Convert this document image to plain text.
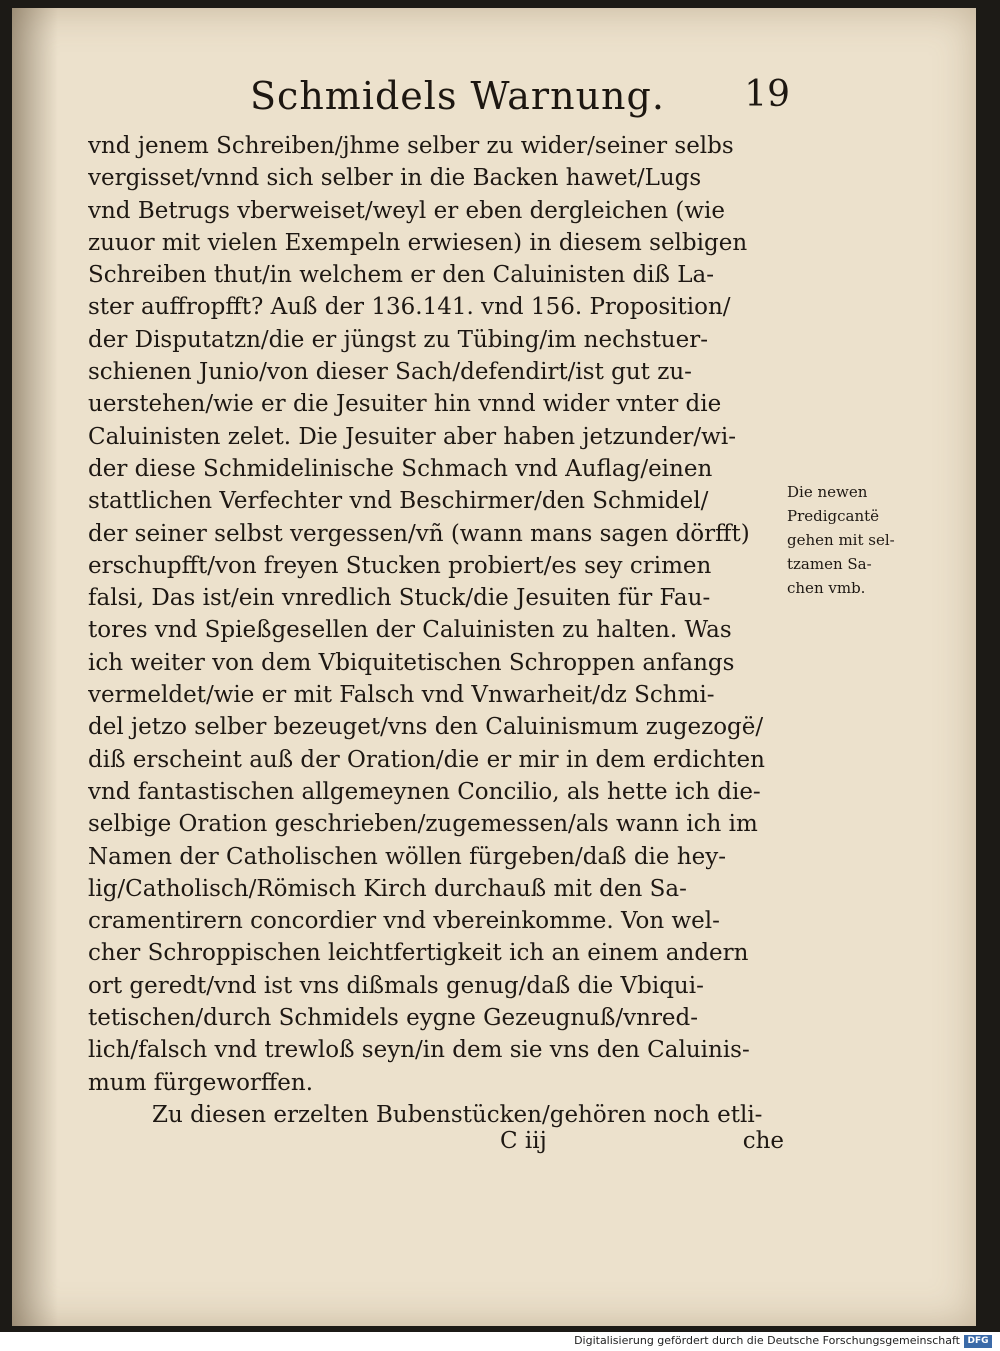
Schmidels Warnung. 19
vnd jenem Schreiben/jhme selber zu wider/seiner selbs
vergisset/vnnd sich selber in die Backen hawet/Lugs
vnd Betrugs vberweiset/weyl er eben dergleichen (wie
zuuor mit vielen Exempeln erwiesen) in diesem selbigen
Schreiben thut/in welchem er den Caluinisten diß La-
ster auffropfft? Auß der 136.141. vnd 156. Proposition/
der Disputatzn/die er jüngst zu Tübing/im nechstuer-
schienen Junio/von dieser Sach/defendirt/ist gut zu-
uerstehen/wie er die Jesuiter hin vnnd wider vnter die
Caluinisten zelet. Die Jesuiter aber haben jetzunder/wi-
der diese Schmidelinische Schmach vnd Auflag/einen
stattlichen Verfechter vnd Beschirmer/den Schmidel/
der seiner selbst vergessen/vñ (wann mans sagen dörfft)
erschupfft/von freyen Stucken probiert/es sey crimen
falsi, Das ist/ein vnredlich Stuck/die Jesuiten für Fau-
tores vnd Spießgesellen der Caluinisten zu halten. Was
ich weiter von dem Vbiquitetischen Schroppen anfangs
vermeldet/wie er mit Falsch vnd Vnwarheit/dz Schmi-
del jetzo selber bezeuget/vns den Caluinismum zugezogë/
diß erscheint auß der Oration/die er mir in dem erdichten
vnd fantastischen allgemeynen Concilio, als hette ich die-
selbige Oration geschrieben/zugemessen/als wann ich im
Namen der Catholischen wöllen fürgeben/daß die hey-
lig/Catholisch/Römisch Kirch durchauß mit den Sa-
cramentirern concordier vnd vbereinkomme. Von wel-
cher Schroppischen leichtfertigkeit ich an einem andern
ort geredt/vnd ist vns dißmals genug/daß die Vbiqui-
tetischen/durch Schmidels eygne Gezeugnuß/vnred-
lich/falsch vnd trewloß seyn/in dem sie vns den Caluinis-
mum fürgeworffen.
Zu diesen erzelten Bubenstücken/gehören noch etli-
Die newen
Predigcantë
gehen mit sel-
tzamen Sa-
chen vmb.
C iij	che
Digitalisierung gefördert durch die Deutsche Forschungsgemeinschaft DFG
